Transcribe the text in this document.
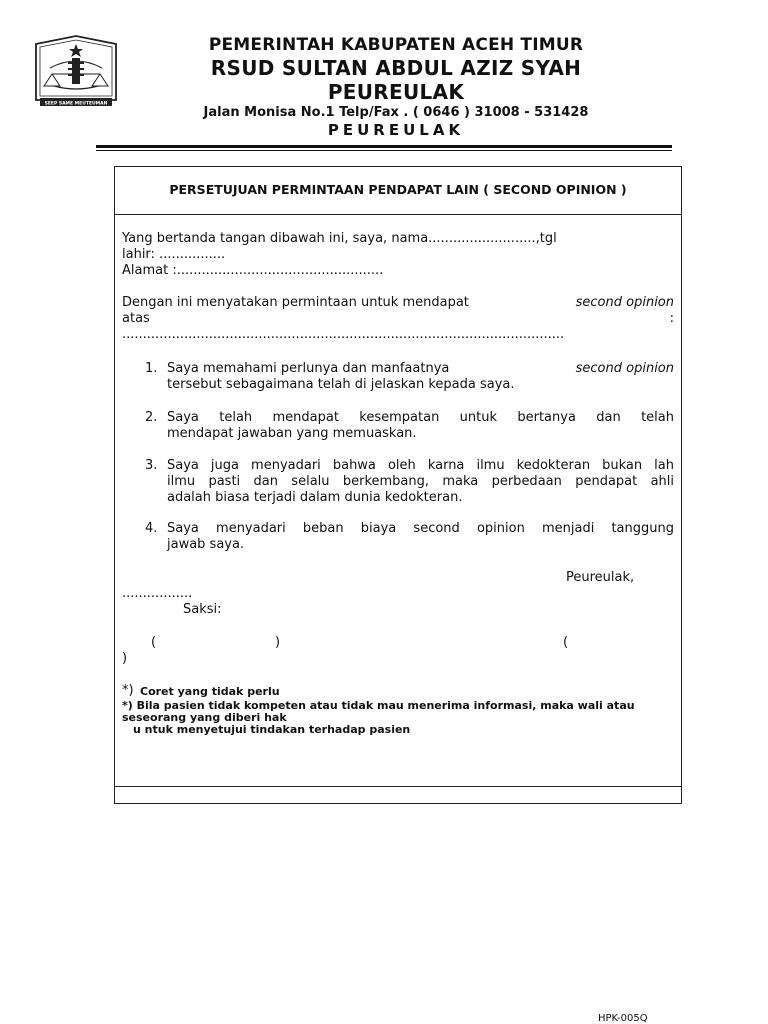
SEEP SAME MEUTEUMAN
PEMERINTAH KABUPATEN ACEH TIMUR
RSUD SULTAN ABDUL AZIZ SYAH
PEUREULAK
Jalan Monisa No.1 Telp/Fax . ( 0646 ) 31008 - 531428
PEUREULAK
PERSETUJUAN PERMINTAAN PENDAPAT LAIN ( SECOND OPINION )
Yang bertanda tangan dibawah ini, saya, nama..........................,tgl
lahir: ................
Alamat :..................................................
Dengan ini menyatakan permintaan untuk mendapat	second opinion
atas	:
...........................................................................................................
1. Saya memahami perlunya dan manfaatnya	second opinion
tersebut sebagaimana telah di jelaskan kepada saya.
2. Saya telah mendapat kesempatan untuk bertanya dan telah
mendapat jawaban yang memuaskan.
3. Saya juga menyadari bahwa oleh karna ilmu kedokteran bukan lah
ilmu pasti dan selalu berkembang, maka perbedaan pendapat ahli
adalah biasa terjadi dalam dunia kedokteran.
4. Saya menyadari beban biaya second opinion menjadi tanggung
jawab saya.
Peureulak,
.................
Saksi:
(	)	(
)
*) Coret yang tidak perlu
*) Bila pasien tidak kompeten atau tidak mau menerima informasi, maka wali atau
seseorang yang diberi hak
u ntuk menyetujui tindakan terhadap pasien
HPK-005Q
